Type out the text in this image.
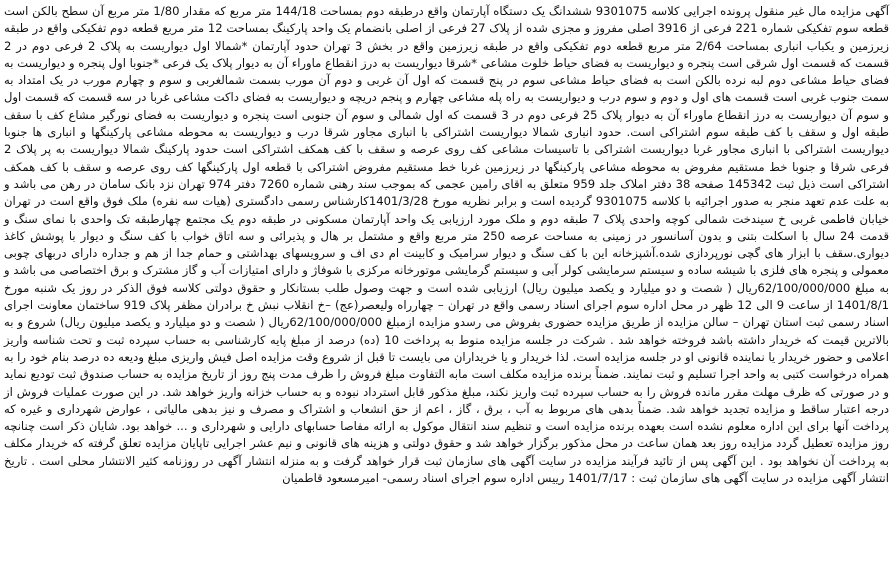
آگهی مزایده مال غیر منقول پرونده اجرایی کلاسه 9301075 ششدانگ یک دستگاه آپارتمان واقع درطبقه دوم بمساحت 144/18 متر مربع که مقدار 1/80 متر مربع آن سطح بالکن است قطعه سوم تفکیکی شماره 221 فرعی از 3916 اصلی مفروز و مجزی شده از پلاک 27 فرعی از اصلی بانضمام یک واحد پارکینگ بمساحت 12 متر مربع قطعه دوم تفکیکی واقع در طبقه زیرزمین و یکباب انباری بمساحت 2/64 متر مربع قطعه دوم تفکیکی واقع در طبقه زیرزمین واقع در بخش 3 تهران حدود آپارتمان *شمالا اول دیواریست به پلاک 2 فرعی دوم در 2 قسمت که قسمت اول شرقی است پنجره و دیواریست به فضای حیاط خلوت مشاعی *شرقا دیواریست به درز انقطاع ماوراء آن به دیوار پلاک یک فرعی *جنوبا اول پنجره و دیواریست به فضای حیاط مشاعی دوم لبه نرده بالکن است به فضای حیاط مشاعی سوم در پنج قسمت که اول آن غربی و دوم آن مورب بسمت شمالغربی و سوم و چهارم مورب در یک امتداد به سمت جنوب غربی است قسمت های اول و دوم و سوم درب و دیواریست به راه پله مشاعی چهارم و پنجم دریچه و دیواریست به فضای داکت مشاعی غربا در سه قسمت که قسمت اول و سوم آن دیواریست به درز انقطاع ماوراء آن به دیوار پلاک 25 فرعی دوم در 3 قسمت که اول شمالی و سوم آن جنوبی است پنجره و دیواریست به فضای نورگیر مشاع کف با سقف طبقه اول و سقف با کف طبقه سوم اشتراکی است. حدود انباری شمالا دیواریست اشتراکی با انباری مجاور شرقا درب و دیواریست به محوطه مشاعی پارکینگها و انباری ها جنوبا دیواریست اشتراکی با انباری مجاور غربا دیواریست اشتراکی با تاسیسات مشاعی کف روی عرصه و سقف با کف همکف اشتراکی است حدود پارکینگ شمالا دیواریست به پر پلاک 2 فرعی شرقا و جنوبا خط مستقیم مفروض به محوطه مشاعی پارکینگها در زیرزمین غربا خط مستقیم مفروض اشتراکی با قطعه اول پارکینگها کف روی عرصه و سقف با کف همکف اشتراکی است ذیل ثبت 145342 صفحه 38 دفتر املاک جلد 959 متعلق به اقای رامین عجمی که بموجب سند رهنی شماره 7260 دفتر 974 تهران نزد بانک سامان در رهن می باشد و به علت عدم تعهد منجر به صدور اجرائیه با کلاسه 9301075 گردیده است و برابر نظریه مورخ 1401/3/28کارشناس رسمی دادگستری (هیات سه نفره) ملک فوق واقع است در تهران خیابان فاطمی غربی خ سیندخت شمالی کوچه واحدی پلاک 7 طبقه دوم و ملک مورد ارزیابی یک واحد آپارتمان مسکونی در طبقه دوم یک مجتمع چهارطبقه تک واحدی با نمای سنگ و قدمت 24 سال با اسکلت بتنی و بدون آسانسور در زمینی به مساحت عرصه 250 متر مربع واقع و مشتمل بر هال و پذیرائی و سه اتاق خواب با کف سنگ و دیوار با پوشش کاغذ دیواری.سقف با ابزار های گچی نورپردازی شده.آشپزخانه این با کف سنگ و دیوار سرامیک و کابینت ام دی اف و سرویسهای بهداشتی و حمام جدا از هم و جداره دارای دربهای چوبی معمولی و پنجره های فلزی با شیشه ساده و سیستم سرمایشی کولر آبی و سیستم گرمایشی موتورخانه مرکزی با شوفاژ و دارای امتیازات آب و گاز مشترک و برق اختصاصی می باشد و به مبلغ 62/100/000/000ریال ( شصت و دو میلیارد و یکصد میلیون ریال) ارزیابی شده است و جهت وصول طلب بستانکار و حقوق دولتی کلاسه فوق الذکر در روز یک شنبه مورخ 1401/8/1 از ساعت 9 الی 12 ظهر در محل اداره سوم اجرای اسناد رسمی واقع در تهران – چهارراه ولیعصر(عج) –خ انقلاب نبش خ برادران مظفر پلاک 919 ساختمان معاونت اجرای اسناد رسمی ثبت استان تهران – سالن مزایده از طریق مزایده حضوری بفروش می رسدو مزایده ازمبلغ 62/100/000/000ریال ( شصت و دو میلیارد و یکصد میلیون ریال) شروع و به بالاترین قیمت که خریدار داشته باشد فروخته خواهد شد . شرکت در جلسه مزایده منوط به پرداخت 10 (ده) درصد از مبلغ پایه کارشناسی به حساب سپرده ثبت و تحت شناسه واریز اعلامی و حضور خریدار یا نماینده قانونی او در جلسه مزایده است. لذا خریدار و یا خریداران می بایست تا قبل از شروع وقت مزایده اصل فیش واریزی مبلغ ودیعه ده درصد بنام خود را به همراه درخواست کتبی به واحد اجرا تسلیم و ثبت نمایند. ضمناً برنده مزایده مکلف است مابه التفاوت مبلغ فروش را ظرف مدت پنج روز از تاریخ مزایده به حساب صندوق ثبت تودیع نماید و در صورتی که ظرف مهلت مقرر مانده فروش را به حساب سپرده ثبت واریز نکند، مبلغ مذکور قابل استرداد نبوده و به حساب خزانه واریز خواهد شد. در این صورت عملیات فروش از درجه اعتبار ساقط و مزایده تجدید خواهد شد. ضمناً بدهی های مربوط به آب ، برق ، گاز ، اعم از حق انشعاب و اشتراک و مصرف و نیز بدهی مالیاتی ، عوارض شهرداری و غیره که پرداخت آنها برای این اداره معلوم نشده است بعهده برنده مزایده است و تنظیم سند انتقال موکول به ارائه مفاصا حسابهای دارایی و شهرداری و ... خواهد بود. شایان ذکر است چنانچه روز مزایده تعطیل گردد مزایده روز بعد همان ساعت در محل مذکور برگزار خواهد شد و حقوق دولتی و هزینه های قانونی و نیم عشر اجرایی تاپایان مزایده تعلق گرفته که خریدار مکلف به پرداخت آن نخواهد بود . این آگهی پس از تائید فرآیند مزایده در سایت آگهی های سازمان ثبت قرار خواهد گرفت و به منزله انتشار آگهی در روزنامه کثیر الانتشار محلی است . تاریخ انتشار آگهی مزایده در سایت آگهی های سازمان ثبت : 1401/7/17 رییس اداره سوم اجرای اسناد رسمی- امیرمسعود قاطمیان
